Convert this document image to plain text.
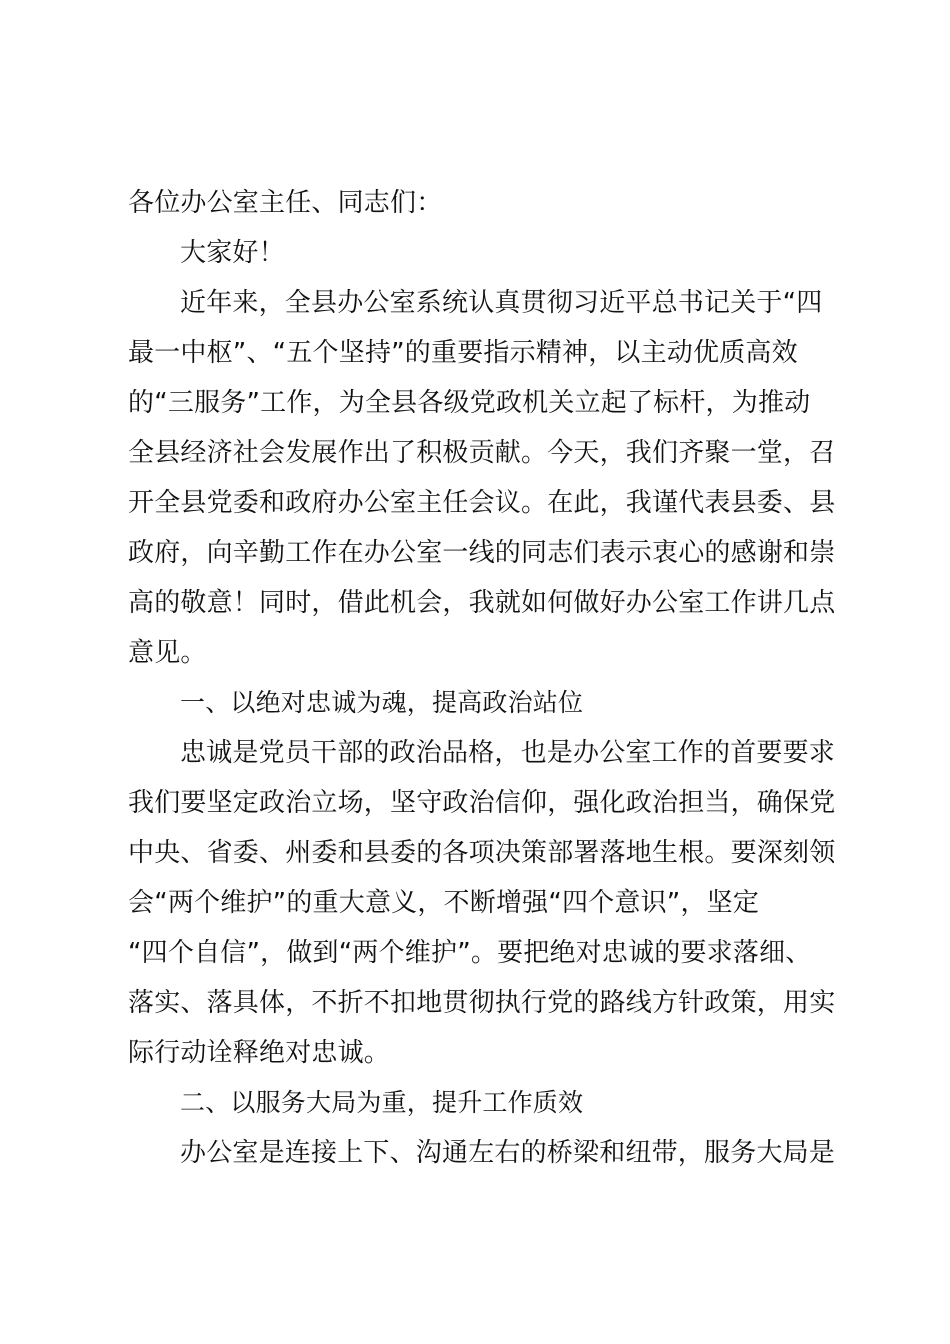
各位办公室主任、同志们：
大家好！
近年来，全县办公室系统认真贯彻习近平总书记关于“四
最一中枢”、“五个坚持”的重要指示精神，以主动优质高效
的“三服务”工作，为全县各级党政机关立起了标杆，为推动
全县经济社会发展作出了积极贡献。今天，我们齐聚一堂，召
开全县党委和政府办公室主任会议。在此，我谨代表县委、县
政府，向辛勤工作在办公室一线的同志们表示衷心的感谢和崇
高的敬意！同时，借此机会，我就如何做好办公室工作讲几点
意见。
一、以绝对忠诚为魂，提高政治站位
忠诚是党员干部的政治品格，也是办公室工作的首要要求
我们要坚定政治立场，坚守政治信仰，强化政治担当，确保党
中央、省委、州委和县委的各项决策部署落地生根。要深刻领
会“两个维护”的重大意义，不断增强“四个意识”，坚定
“四个自信”，做到“两个维护”。要把绝对忠诚的要求落细、
落实、落具体，不折不扣地贯彻执行党的路线方针政策，用实
际行动诠释绝对忠诚。
二、以服务大局为重，提升工作质效
办公室是连接上下、沟通左右的桥梁和纽带，服务大局是
